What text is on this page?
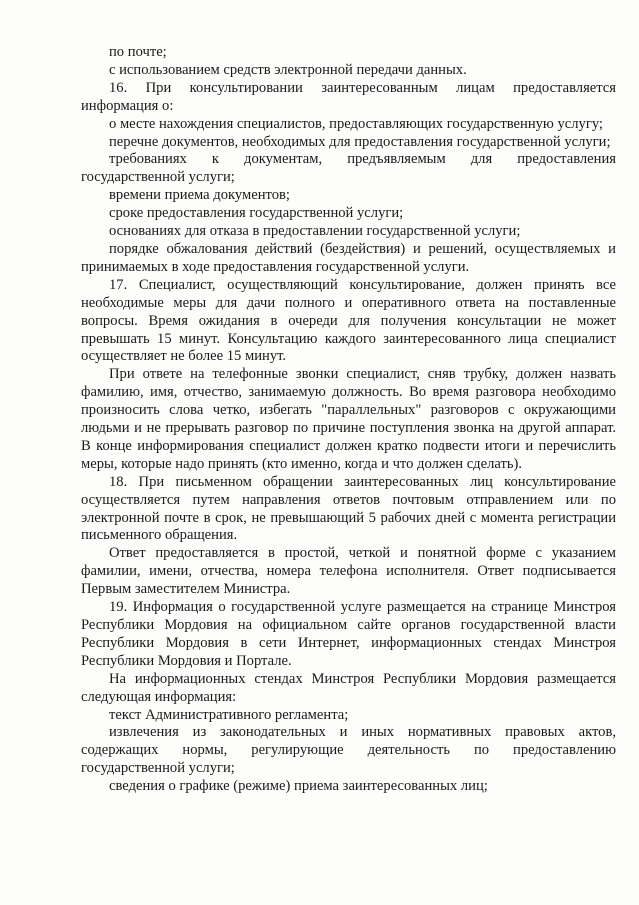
по почте;

с использованием средств электронной передачи данных.

16. При консультировании заинтересованным лицам предоставляется информация о:

о месте нахождения специалистов, предоставляющих государственную услугу;

перечне документов, необходимых для предоставления государственной услуги;

требованиях к документам, предъявляемым для предоставления государственной услуги;

времени приема документов;

сроке предоставления государственной услуги;

основаниях для отказа в предоставлении государственной услуги;

порядке обжалования действий (бездействия) и решений, осуществляемых и принимаемых в ходе предоставления государственной услуги.

17. Специалист, осуществляющий консультирование, должен принять все необходимые меры для дачи полного и оперативного ответа на поставленные вопросы. Время ожидания в очереди для получения консультации не может превышать 15 минут. Консультацию каждого заинтересованного лица специалист осуществляет не более 15 минут.

При ответе на телефонные звонки специалист, сняв трубку, должен назвать фамилию, имя, отчество, занимаемую должность. Во время разговора необходимо произносить слова четко, избегать "параллельных" разговоров с окружающими людьми и не прерывать разговор по причине поступления звонка на другой аппарат. В конце информирования специалист должен кратко подвести итоги и перечислить меры, которые надо принять (кто именно, когда и что должен сделать).

18. При письменном обращении заинтересованных лиц консультирование осуществляется путем направления ответов почтовым отправлением или по электронной почте в срок, не превышающий 5 рабочих дней с момента регистрации письменного обращения.

Ответ предоставляется в простой, четкой и понятной форме с указанием фамилии, имени, отчества, номера телефона исполнителя. Ответ подписывается Первым заместителем Министра.

19. Информация о государственной услуге размещается на странице Минстроя Республики Мордовия на официальном сайте органов государственной власти Республики Мордовия в сети Интернет, информационных стендах Минстроя Республики Мордовия и Портале.

На информационных стендах Минстроя Республики Мордовия размещается следующая информация:

текст Административного регламента;

извлечения из законодательных и иных нормативных правовых актов, содержащих нормы, регулирующие деятельность по предоставлению государственной услуги;

сведения о графике (режиме) приема заинтересованных лиц;
